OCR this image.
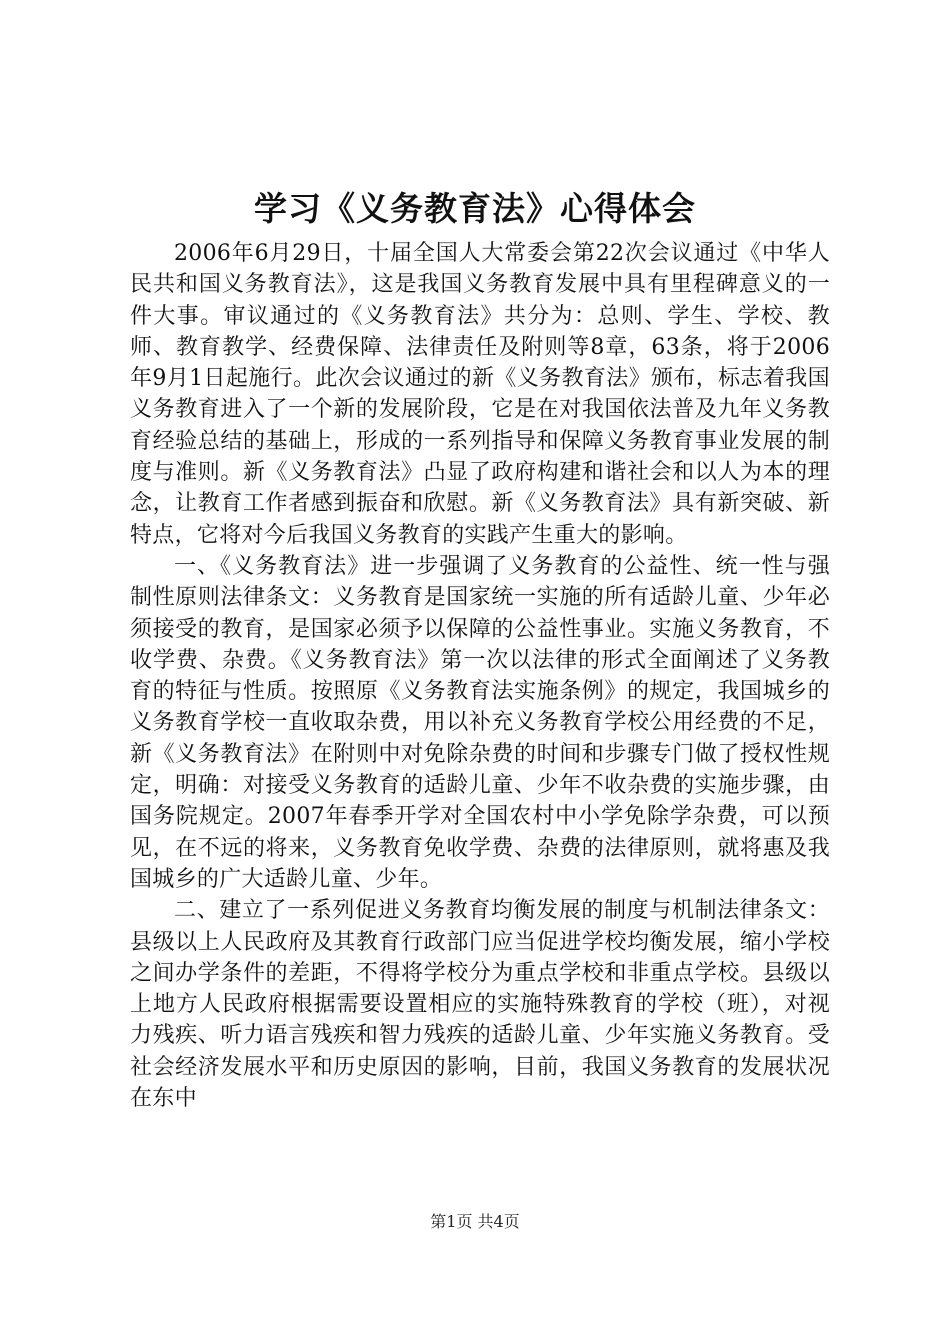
学习《义务教育法》心得体会

2006年6月29日，十届全国人大常委会第22次会议通过《中华人民共和国义务教育法》，这是我国义务教育发展中具有里程碑意义的一件大事。审议通过的《义务教育法》共分为：总则、学生、学校、教师、教育教学、经费保障、法律责任及附则等8章，63条，将于2006年9月1日起施行。此次会议通过的新《义务教育法》颁布，标志着我国义务教育进入了一个新的发展阶段，它是在对我国依法普及九年义务教育经验总结的基础上，形成的一系列指导和保障义务教育事业发展的制度与准则。新《义务教育法》凸显了政府构建和谐社会和以人为本的理念，让教育工作者感到振奋和欣慰。新《义务教育法》具有新突破、新特点，它将对今后我国义务教育的实践产生重大的影响。

一、《义务教育法》进一步强调了义务教育的公益性、统一性与强制性原则法律条文：义务教育是国家统一实施的所有适龄儿童、少年必须接受的教育，是国家必须予以保障的公益性事业。实施义务教育，不收学费、杂费。《义务教育法》第一次以法律的形式全面阐述了义务教育的特征与性质。按照原《义务教育法实施条例》的规定，我国城乡的义务教育学校一直收取杂费，用以补充义务教育学校公用经费的不足，新《义务教育法》在附则中对免除杂费的时间和步骤专门做了授权性规定，明确：对接受义务教育的适龄儿童、少年不收杂费的实施步骤，由国务院规定。2007年春季开学对全国农村中小学免除学杂费，可以预见，在不远的将来，义务教育免收学费、杂费的法律原则，就将惠及我国城乡的广大适龄儿童、少年。

二、建立了一系列促进义务教育均衡发展的制度与机制法律条文：县级以上人民政府及其教育行政部门应当促进学校均衡发展，缩小学校之间办学条件的差距，不得将学校分为重点学校和非重点学校。县级以上地方人民政府根据需要设置相应的实施特殊教育的学校（班），对视力残疾、听力语言残疾和智力残疾的适龄儿童、少年实施义务教育。受社会经济发展水平和历史原因的影响，目前，我国义务教育的发展状况在东中

第1页 共4页
